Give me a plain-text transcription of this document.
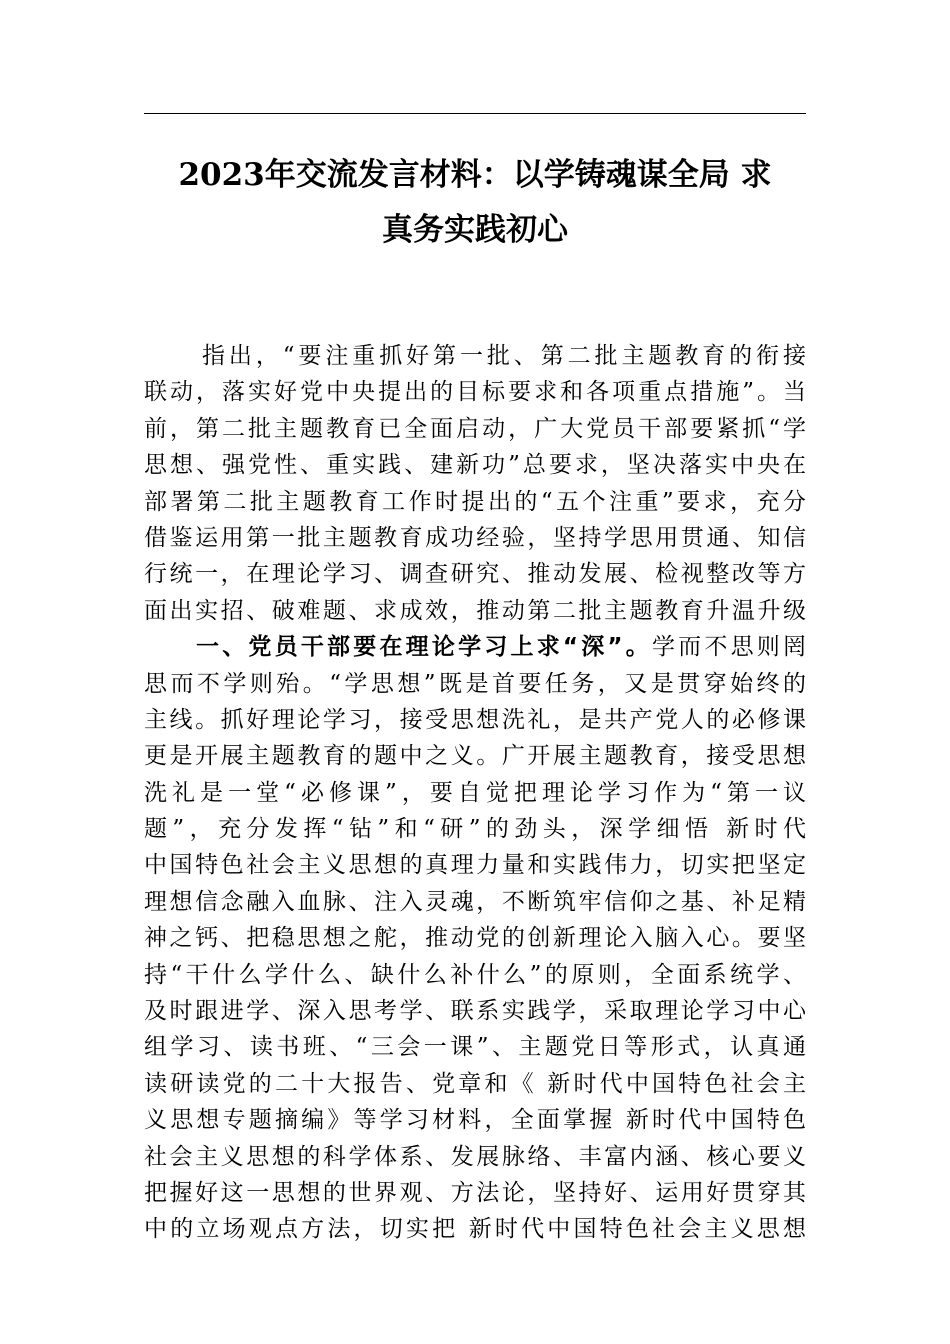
2023年交流发言材料：以学铸魂谋全局 求
真务实践初心
指出，“要注重抓好第一批、第二批主题教育的衔接
联动，落实好党中央提出的目标要求和各项重点措施”。当
前，第二批主题教育已全面启动，广大党员干部要紧抓“学
思想、强党性、重实践、建新功”总要求，坚决落实中央在
部署第二批主题教育工作时提出的“五个注重”要求，充分
借鉴运用第一批主题教育成功经验，坚持学思用贯通、知信
行统一，在理论学习、调查研究、推动发展、检视整改等方
面出实招、破难题、求成效，推动第二批主题教育升温升级
一、党员干部要在理论学习上求“深”。学而不思则罔
思而不学则殆。“学思想”既是首要任务，又是贯穿始终的
主线。抓好理论学习，接受思想洗礼，是共产党人的必修课
更是开展主题教育的题中之义。广开展主题教育，接受思想
洗礼是一堂“必修课”，要自觉把理论学习作为“第一议
题”，充分发挥“钻”和“研”的劲头，深学细悟 新时代
中国特色社会主义思想的真理力量和实践伟力，切实把坚定
理想信念融入血脉、注入灵魂，不断筑牢信仰之基、补足精
神之钙、把稳思想之舵，推动党的创新理论入脑入心。要坚
持“干什么学什么、缺什么补什么”的原则，全面系统学、
及时跟进学、深入思考学、联系实践学，采取理论学习中心
组学习、读书班、“三会一课”、主题党日等形式，认真通
读研读党的二十大报告、党章和《 新时代中国特色社会主
义思想专题摘编》等学习材料，全面掌握 新时代中国特色
社会主义思想的科学体系、发展脉络、丰富内涵、核心要义
把握好这一思想的世界观、方法论，坚持好、运用好贯穿其
中的立场观点方法，切实把 新时代中国特色社会主义思想
